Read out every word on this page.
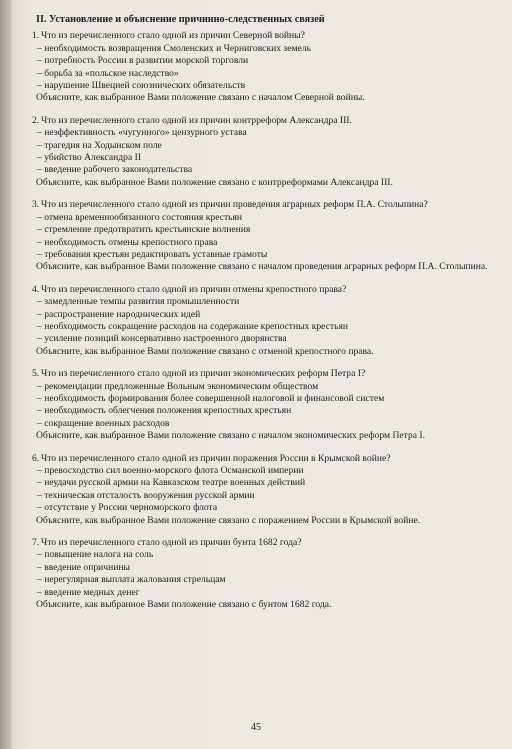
II. Установление и объяснение причинно-следственных связей
1. Что из перечисленного стало одной из причин Северной войны?
– необходимость возвращения Смоленских и Черниговских земель
– потребность России в развитии морской торговли
– борьба за «польское наследство»
– нарушение Швецией союзнических обязательств
Объясните, как выбранное Вами положение связано с началом Северной войны.
2. Что из перечисленного стало одной из причин контрреформ Александра III.
– неэффективность «чугунного» цензурного устава
– трагедия на Ходынском поле
– убийство Александра II
– введение рабочего законодательства
Объясните, как выбранное Вами положение связано с контрреформами Александра III.
3. Что из перечисленного стало одной из причин проведения аграрных реформ П.А. Столыпина?
– отмена временнообязанного состояния крестьян
– стремление предотвратить крестьянские волнения
– необходимость отмены крепостного права
– требования крестьян редактировать уставные грамоты
Объясните, как выбранное Вами положение связано с началом проведения аграрных реформ П.А. Столыпина.
4. Что из перечисленного стало одной из причин отмены крепостного права?
– замедленные темпы развития промышленности
– распространение народнических идей
– необходимость сокращение расходов на содержание крепостных крестьян
– усиление позиций консервативно настроенного дворянства
Объясните, как выбранное Вами положение связано с отменой крепостного права.
5. Что из перечисленного стало одной из причин экономических реформ Петра I?
– рекомендации предложенные Вольным экономическим обществом
– необходимость формирования более совершенной налоговой и финансовой систем
– необходимость облегчения положения крепостных крестьян
– сокращение военных расходов
Объясните, как выбранное Вами положение связано с началом экономических реформ Петра I.
6. Что из перечисленного стало одной из причин поражения России в Крымской войне?
– превосходство сил военно-морского флота Османской империи
– неудачи русской армии на Кавказском театре военных действий
– техническая отсталость вооружения русской армии
– отсутствие у России черноморского флота
Объясните, как выбранное Вами положение связано с поражением России в Крымской войне.
7. Что из перечисленного стало одной из причин бунта 1682 года?
– повышение налога на соль
– введение опричнины
– нерегулярная выплата жалования стрельцам
– введение медных денег
Объясните, как выбранное Вами положение связано с бунтом 1682 года.
45
